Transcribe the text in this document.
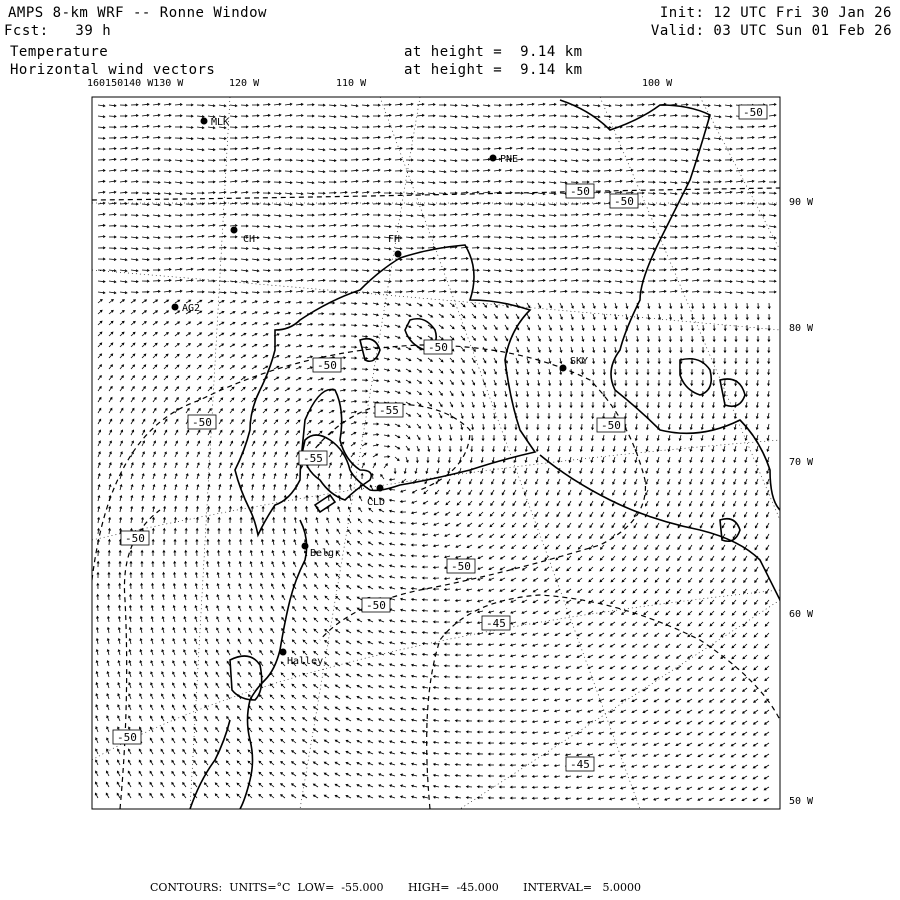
AMPS 8-km WRF -- Ronne Window
Fcst:   39 h
Temperature
Horizontal wind vectors
at height =  9.14 km
at height =  9.14 km
Init: 12 UTC Fri 30 Jan 26
Valid: 03 UTC Sun 01 Feb 26
160150140 W130 W	120 W	110 W	100 W
90 W
80 W
70 W
60 W
50 W
MLK
PNE
CH	FH
AG2
SKY
CLD
Belgr
Halley
-50
-50
-50
-50
-50
-55
-50	-50
-55
-50
-50
-50
-45
-50
-45
CONTOURS:  UNITS=°C  LOW=  -55.000       HIGH=  -45.000       INTERVAL=   5.0000
